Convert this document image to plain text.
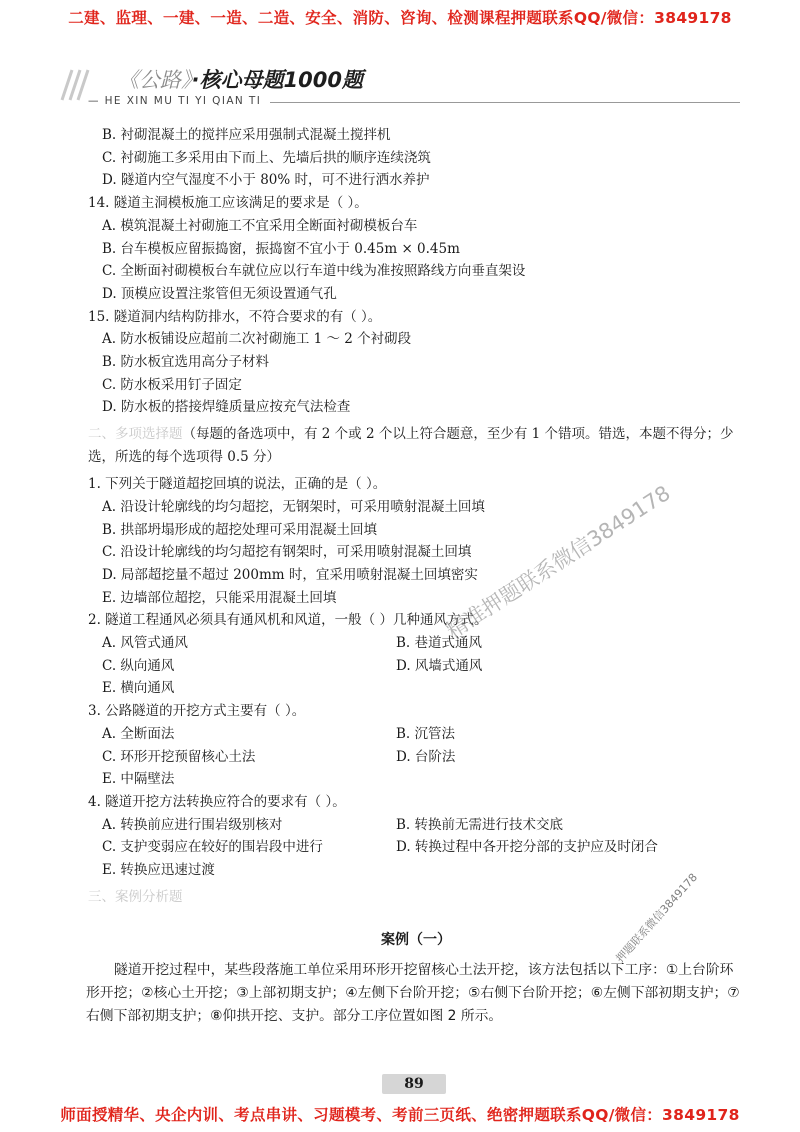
二建、监理、一建、一造、二造、安全、消防、咨询、检测课程押题联系QQ/微信：3849178
《公路》·核心母题1000题
— HE XIN MU TI YI QIAN TI
B. 衬砌混凝土的搅拌应采用强制式混凝土搅拌机
C. 衬砌施工多采用由下而上、先墙后拱的顺序连续浇筑
D. 隧道内空气湿度不小于 80% 时，可不进行洒水养护
14. 隧道主洞模板施工应该满足的要求是（ ）。
A. 模筑混凝土衬砌施工不宜采用全断面衬砌模板台车
B. 台车模板应留振捣窗，振捣窗不宜小于 0.45m × 0.45m
C. 全断面衬砌模板台车就位应以行车道中线为准按照路线方向垂直架设
D. 顶模应设置注浆管但无须设置通气孔
15. 隧道洞内结构防排水，不符合要求的有（ ）。
A. 防水板铺设应超前二次衬砌施工 1 ～ 2 个衬砌段
B. 防水板宜选用高分子材料
C. 防水板采用钉子固定
D. 防水板的搭接焊缝质量应按充气法检查
二、多项选择题（每题的备选项中，有 2 个或 2 个以上符合题意，至少有 1 个错项。错选，本题不得分；少选，所选的每个选项得 0.5 分）
1. 下列关于隧道超挖回填的说法，正确的是（ ）。
A. 沿设计轮廓线的均匀超挖，无钢架时，可采用喷射混凝土回填
B. 拱部坍塌形成的超挖处理可采用混凝土回填
C. 沿设计轮廓线的均匀超挖有钢架时，可采用喷射混凝土回填
D. 局部超挖量不超过 200mm 时，宜采用喷射混凝土回填密实
E. 边墙部位超挖，只能采用混凝土回填
2. 隧道工程通风必须具有通风机和风道，一般（ ）几种通风方式。
A. 风管式通风	B. 巷道式通风
C. 纵向通风	D. 风墙式通风
E. 横向通风
3. 公路隧道的开挖方式主要有（ ）。
A. 全断面法	B. 沉管法
C. 环形开挖预留核心土法	D. 台阶法
E. 中隔壁法
4. 隧道开挖方法转换应符合的要求有（ ）。
A. 转换前应进行围岩级别核对	B. 转换前无需进行技术交底
C. 支护变弱应在较好的围岩段中进行	D. 转换过程中各开挖分部的支护应及时闭合
E. 转换应迅速过渡
三、案例分析题
案例（一）
隧道开挖过程中，某些段落施工单位采用环形开挖留核心土法开挖，该方法包括以下工序：①上台阶环形开挖；②核心土开挖；③上部初期支护；④左侧下台阶开挖；⑤右侧下台阶开挖；⑥左侧下部初期支护；⑦右侧下部初期支护；⑧仰拱开挖、支护。部分工序位置如图 2 所示。
精准押题联系微信3849178
押题联系微信3849178
89
师面授精华、央企内训、考点串讲、习题模考、考前三页纸、绝密押题联系QQ/微信：3849178
